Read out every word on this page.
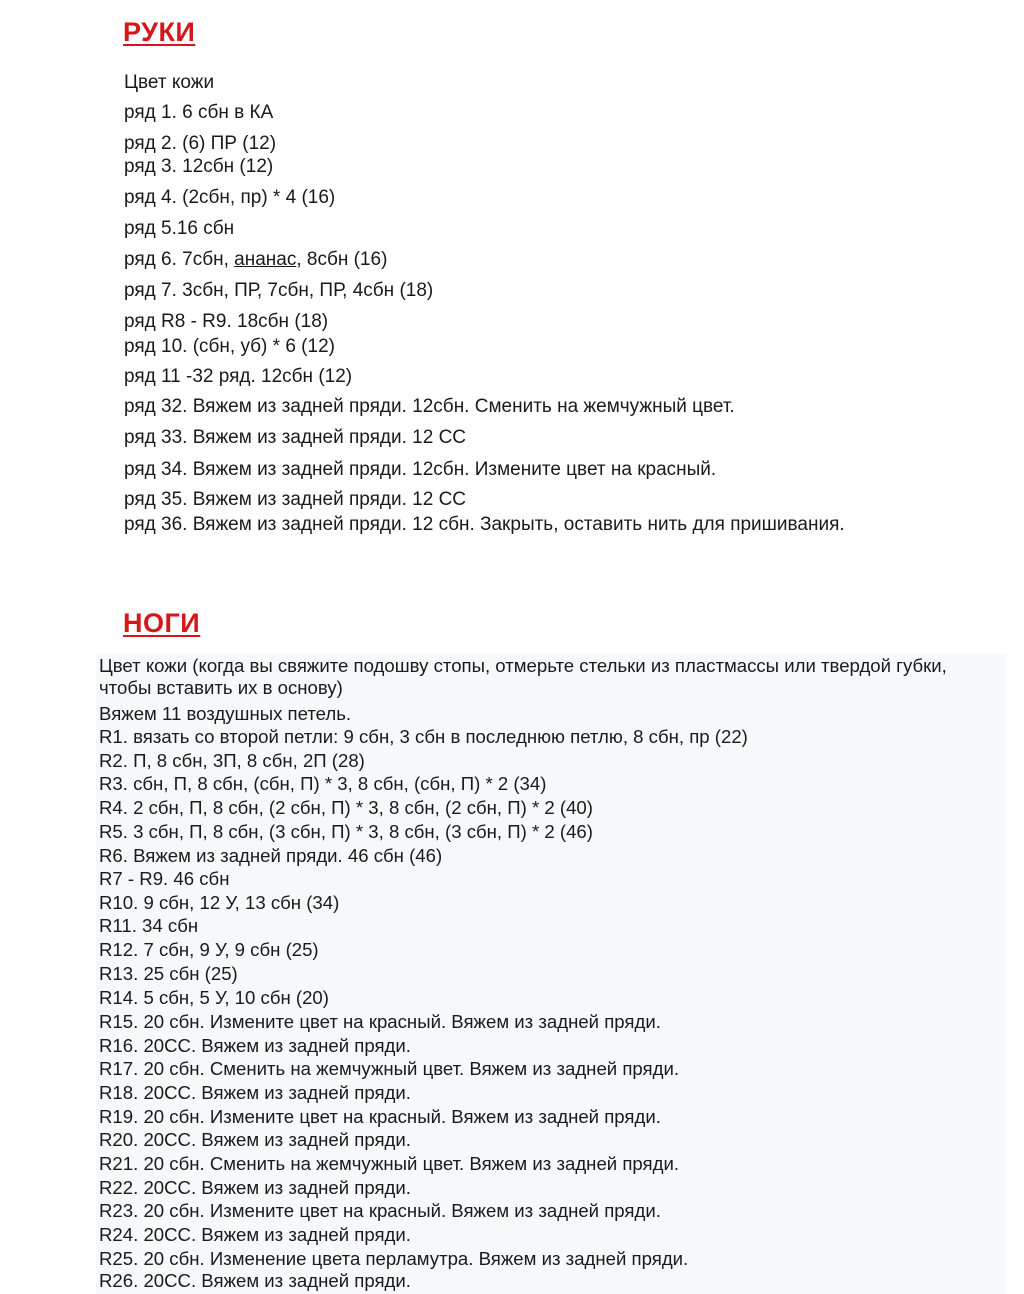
РУКИ
Цвет кожи
ряд 1. 6 сбн в КА
ряд 2. (6) ПР (12)
ряд 3. 12сбн (12)
ряд 4. (2сбн, пр) * 4 (16)
ряд 5.16 сбн
ряд 6. 7сбн, ананас, 8сбн (16)
ряд 7. 3сбн, ПР, 7сбн, ПР, 4сбн (18)
ряд R8 - R9. 18сбн (18)
ряд 10. (сбн, уб) * 6 (12)
ряд 11 -32 ряд. 12сбн (12)
ряд 32. Вяжем из задней пряди. 12сбн. Сменить на жемчужный цвет.
ряд 33. Вяжем из задней пряди. 12 СС
ряд 34. Вяжем из задней пряди. 12сбн. Измените цвет на красный.
ряд 35. Вяжем из задней пряди. 12 СС
ряд 36. Вяжем из задней пряди. 12 сбн. Закрыть, оставить нить для пришивания.
НОГИ
Цвет кожи (когда вы свяжите подошву стопы, отмерьте стельки из пластмассы или твердой губки, чтобы вставить их в основу)
Вяжем 11 воздушных петель.
R1. вязать со второй петли: 9 сбн, 3 сбн в последнюю петлю, 8 сбн, пр (22)
R2. П, 8 сбн, 3П, 8 сбн, 2П (28)
R3. сбн, П, 8 сбн, (сбн, П) * 3, 8 сбн, (сбн, П) * 2 (34)
R4. 2 сбн, П, 8 сбн, (2 сбн, П) * 3, 8 сбн, (2 сбн, П) * 2 (40)
R5. 3 сбн, П, 8 сбн, (3 сбн, П) * 3, 8 сбн, (3 сбн, П) * 2 (46)
R6. Вяжем из задней пряди. 46 сбн (46)
R7 - R9. 46 сбн
R10. 9 сбн, 12 У, 13 сбн (34)
R11. 34 сбн
R12. 7 сбн, 9 У, 9 сбн (25)
R13. 25 сбн (25)
R14. 5 сбн, 5 У, 10 сбн (20)
R15. 20 сбн. Измените цвет на красный. Вяжем из задней пряди.
R16. 20СС. Вяжем из задней пряди.
R17. 20 сбн. Сменить на жемчужный цвет. Вяжем из задней пряди.
R18. 20СС. Вяжем из задней пряди.
R19. 20 сбн. Измените цвет на красный. Вяжем из задней пряди.
R20. 20СС. Вяжем из задней пряди.
R21. 20 сбн. Сменить на жемчужный цвет. Вяжем из задней пряди.
R22. 20СС. Вяжем из задней пряди.
R23. 20 сбн. Измените цвет на красный. Вяжем из задней пряди.
R24. 20СС. Вяжем из задней пряди.
R25. 20 сбн. Изменение цвета перламутра. Вяжем из задней пряди.
R26. 20СС. Вяжем из задней пряди.
